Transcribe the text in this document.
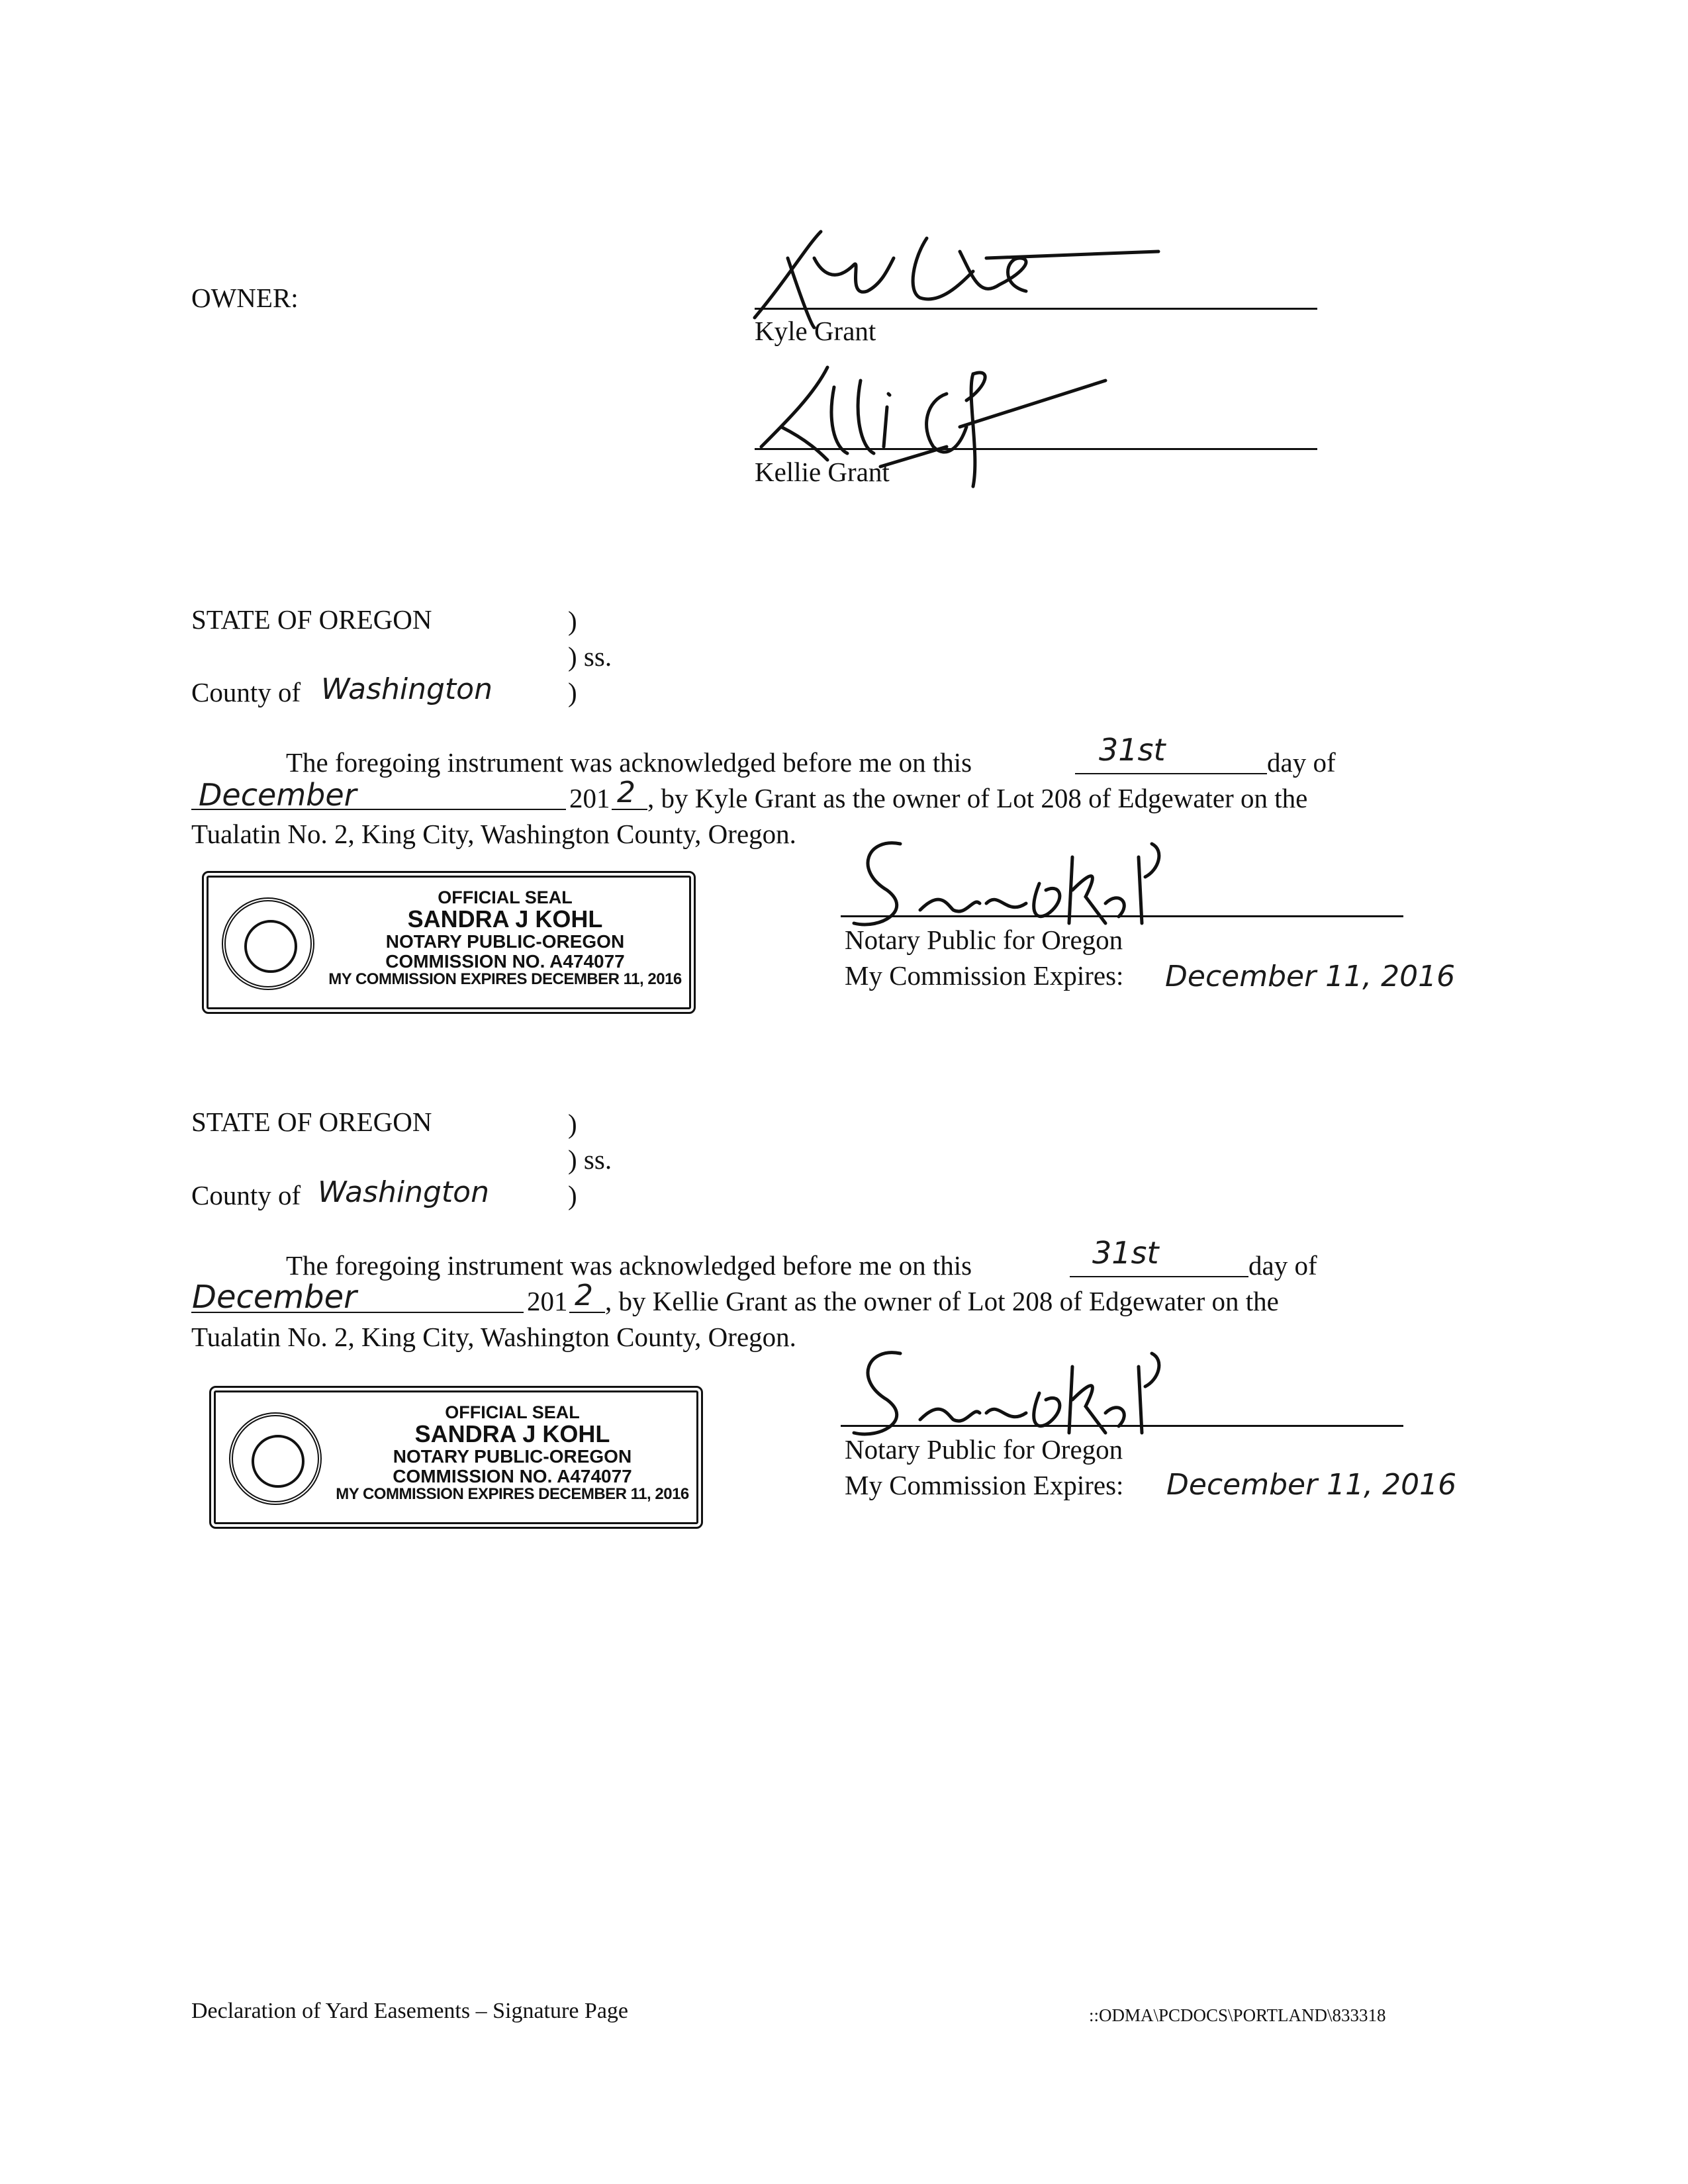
OWNER:
Kyle Grant
Kellie Grant
STATE OF OREGON	)
) ss.
County of Washington	)
The foregoing instrument was acknowledged before me on this	31st	day of
December	201 2 , by Kyle Grant as the owner of Lot 208 of Edgewater on the
Tualatin No. 2, King City, Washington County, Oregon.
OFFICIAL SEAL
SANDRA J KOHL
NOTARY PUBLIC-OREGON
COMMISSION NO. A474077
MY COMMISSION EXPIRES DECEMBER 11, 2016
Notary Public for Oregon
My Commission Expires: December 11, 2016
STATE OF OREGON	)
) ss.
County of Washington	)
The foregoing instrument was acknowledged before me on this	31st	day of
December	201 2 , by Kellie Grant as the owner of Lot 208 of Edgewater on the
Tualatin No. 2, King City, Washington County, Oregon.
OFFICIAL SEAL
SANDRA J KOHL
NOTARY PUBLIC-OREGON
COMMISSION NO. A474077
MY COMMISSION EXPIRES DECEMBER 11, 2016
Notary Public for Oregon
My Commission Expires: December 11, 2016
Declaration of Yard Easements – Signature Page	::ODMA\PCDOCS\PORTLAND\833318
